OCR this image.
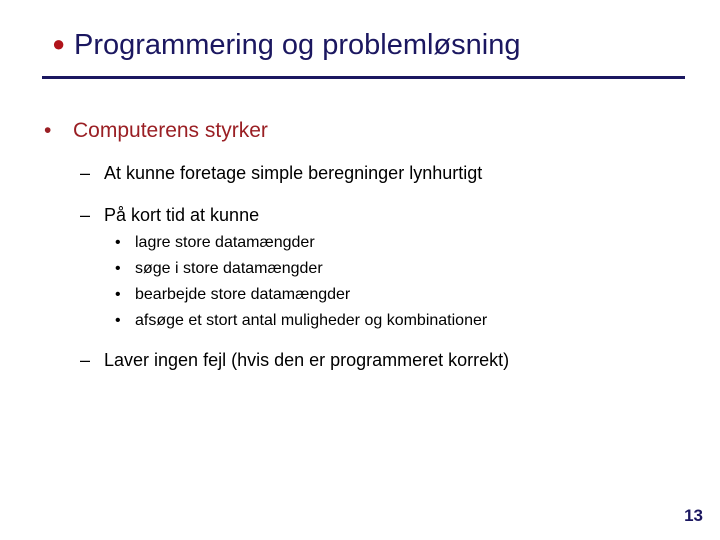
● Programmering og problemløsning
• Computerens styrker
– At kunne foretage simple beregninger lynhurtigt
– På kort tid at kunne
• lagre store datamængder
• søge i store datamængder
• bearbejde store datamængder
• afsøge et stort antal muligheder og kombinationer
– Laver ingen fejl (hvis den er programmeret korrekt)
13
